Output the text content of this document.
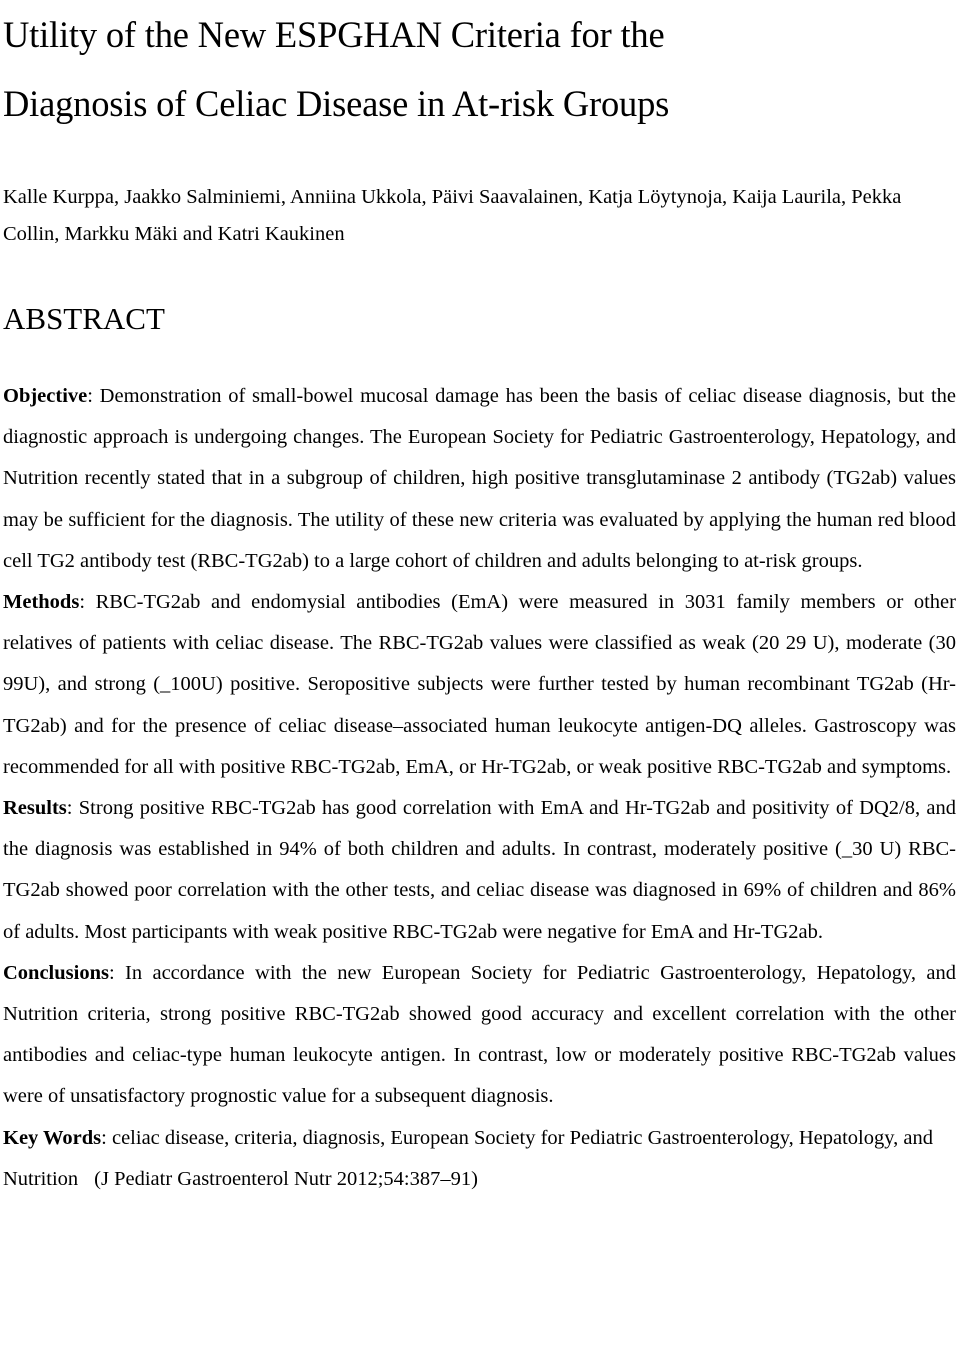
Utility of the New ESPGHAN Criteria for the
Diagnosis of Celiac Disease in At-risk Groups

Kalle Kurppa, Jaakko Salminiemi, Anniina Ukkola, Päivi Saavalainen, Katja Löytynoja, Kaija Laurila, Pekka Collin, Markku Mäki and Katri Kaukinen

ABSTRACT

Objective: Demonstration of small-bowel mucosal damage has been the basis of celiac disease diagnosis, but the diagnostic approach is undergoing changes. The European Society for Pediatric Gastroenterology, Hepatology, and Nutrition recently stated that in a subgroup of children, high positive transglutaminase 2 antibody (TG2ab) values may be sufficient for the diagnosis. The utility of these new criteria was evaluated by applying the human red blood cell TG2 antibody test (RBC-TG2ab) to a large cohort of children and adults belonging to at-risk groups.

Methods: RBC-TG2ab and endomysial antibodies (EmA) were measured in 3031 family members or other relatives of patients with celiac disease. The RBC-TG2ab values were classified as weak (20 29 U), moderate (30 99U), and strong (_100U) positive. Seropositive subjects were further tested by human recombinant TG2ab (Hr-TG2ab) and for the presence of celiac disease–associated human leukocyte antigen-DQ alleles. Gastroscopy was recommended for all with positive RBC-TG2ab, EmA, or Hr-TG2ab, or weak positive RBC-TG2ab and symptoms.

Results: Strong positive RBC-TG2ab has good correlation with EmA and Hr-TG2ab and positivity of DQ2/8, and the diagnosis was established in 94% of both children and adults. In contrast, moderately positive (_30 U) RBC-TG2ab showed poor correlation with the other tests, and celiac disease was diagnosed in 69% of children and 86% of adults. Most participants with weak positive RBC-TG2ab were negative for EmA and Hr-TG2ab.

Conclusions: In accordance with the new European Society for Pediatric Gastroenterology, Hepatology, and Nutrition criteria, strong positive RBC-TG2ab showed good accuracy and excellent correlation with the other antibodies and celiac-type human leukocyte antigen. In contrast, low or moderately positive RBC-TG2ab values were of unsatisfactory prognostic value for a subsequent diagnosis.

Key Words: celiac disease, criteria, diagnosis, European Society for Pediatric Gastroenterology, Hepatology, and Nutrition (J Pediatr Gastroenterol Nutr 2012;54:387–91)
